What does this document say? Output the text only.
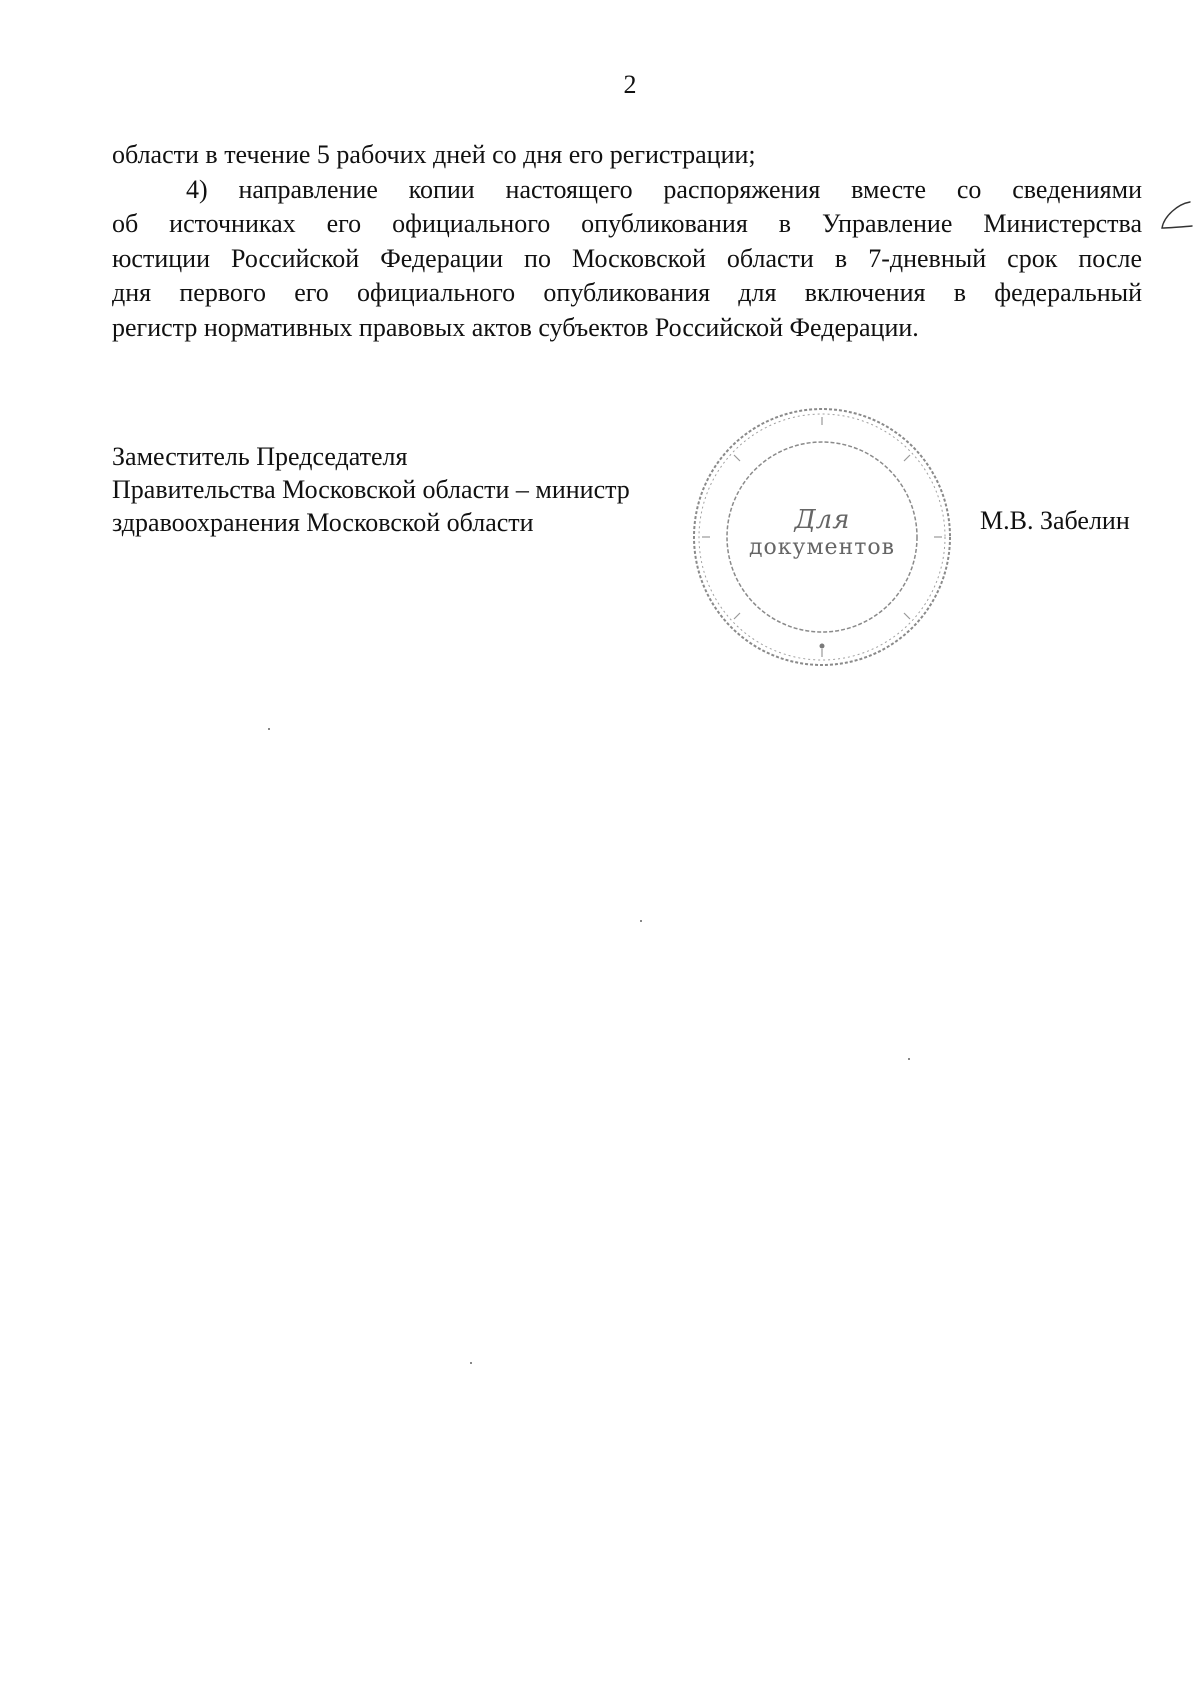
2
области в течение 5 рабочих дней со дня его регистрации;
4) направление копии настоящего распоряжения вместе со сведениями
об источниках его официального опубликования в Управление Министерства
юстиции Российской Федерации по Московской области в 7-дневный срок после
дня первого его официального опубликования для включения в федеральный
регистр нормативных правовых актов субъектов Российской Федерации.
Заместитель Председателя
Правительства Московской области – министр
здравоохранения Московской области	М.В. Забелин
Для
документов
